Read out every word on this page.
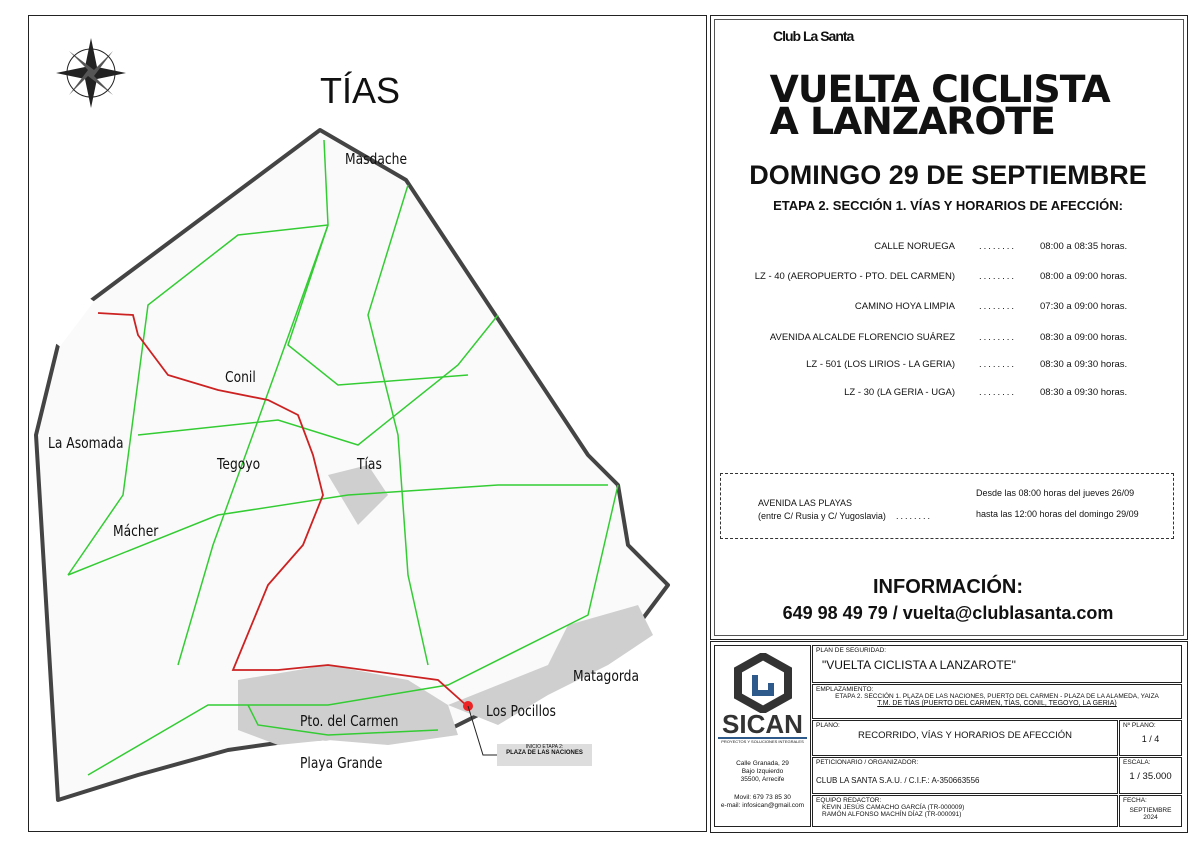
TÍAS
Masdache
Conil
La Asomada
Tegoyo	Tías
Mácher
Pto. del Carmen
Los Pocillos
Matagorda
Playa Grande
INICIO ETAPA 2:
PLAZA DE LAS NACIONES
Club La Santa
VUELTA CICLISTA
A LANZAROTE
DOMINGO 29 DE SEPTIEMBRE
ETAPA 2. SECCIÓN 1. VÍAS Y HORARIOS DE AFECCIÓN:
CALLE NORUEGA	........	08:00 a 08:35 horas.
LZ - 40 (AEROPUERTO - PTO. DEL CARMEN)	........	08:00 a 09:00 horas.
CAMINO HOYA LIMPIA	........	07:30 a 09:00 horas.
AVENIDA ALCALDE FLORENCIO SUÁREZ	........	08:30 a 09:00 horas.
LZ - 501 (LOS LIRIOS - LA GERIA)	........	08:30 a 09:30 horas.
LZ - 30 (LA GERIA - UGA)	........	08:30 a 09:30 horas.
AVENIDA LAS PLAYAS
(entre C/ Rusia y C/ Yugoslavia) ........
Desde las 08:00 horas del jueves 26/09
hasta las 12:00 horas del domingo 29/09
INFORMACIÓN:
649 98 49 79 / vuelta@clublasanta.com
SICAN
PROYECTOS Y SOLUCIONES INTEGRALES
Calle Granada, 29
Bajo Izquierdo
35500, Arrecife
Movil: 679 73 85 30
e-mail: infosican@gmail.com
PLAN DE SEGURIDAD:
"VUELTA CICLISTA A LANZAROTE"
EMPLAZAMIENTO:
ETAPA 2. SECCIÓN 1. PLAZA DE LAS NACIONES, PUERTO DEL CARMEN - PLAZA DE LA ALAMEDA, YAIZA
T.M. DE TÍAS (PUERTO DEL CARMEN, TÍAS, CONIL, TEGOYO, LA GERIA)
PLANO:
RECORRIDO, VÍAS Y HORARIOS DE AFECCIÓN
Nº PLANO:
1 / 4
PETICIONARIO / ORGANIZADOR:
CLUB LA SANTA S.A.U. / C.I.F.: A-350663556
ESCALA:
1 / 35.000
EQUIPO REDACTOR:
KEVIN JESÚS CAMACHO GARCÍA (TR-000009)
RAMÓN ALFONSO MACHÍN DÍAZ (TR-000091)
FECHA:
SEPTIEMBRE
2024
